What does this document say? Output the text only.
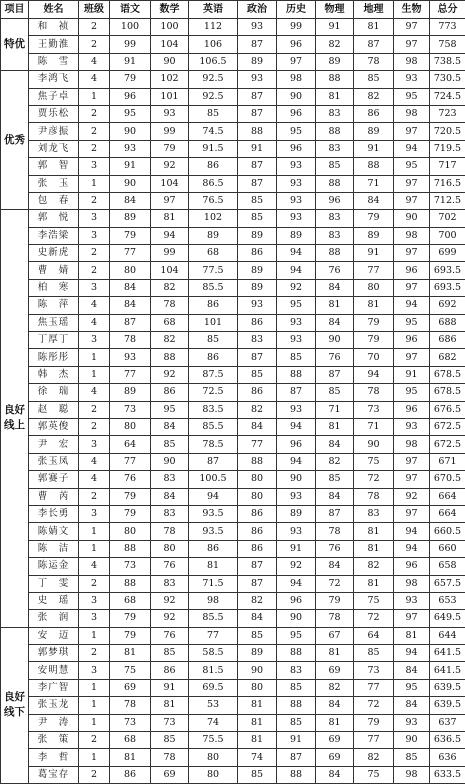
项目	姓名	班级	语文	数学	英语	政治	历史	物理	地理	生物	总分
特优	和　祯	2	100	100	112	93	99	91	81	97	773
	王勤淮	2	99	104	106	87	96	82	87	97	758
	陈　雪	4	91	90	106.5	89	97	89	78	98	738.5
优秀	李鸿飞	4	79	102	92.5	93	98	88	85	93	730.5
	焦子卓	1	96	101	92.5	87	90	81	82	95	724.5
	贾乐松	2	95	93	85	87	96	83	86	98	723
	尹彦振	2	90	99	74.5	88	95	88	89	97	720.5
	刘龙飞	2	93	79	91.5	91	96	83	91	94	719.5
	郭　智	3	91	92	86	87	93	85	88	95	717
	张　玉	1	90	104	86.5	87	93	88	71	97	716.5
	包　春	2	84	97	76.5	85	93	96	84	97	712.5
良好线上	郭　悦	3	89	81	102	85	93	83	79	90	702
	李浩梁	3	79	94	89	89	89	83	89	98	700
	史新虎	2	77	99	68	86	94	88	91	97	699
	曹　婧	2	80	104	77.5	89	94	76	77	96	693.5
	柏　寒	3	84	82	85.5	89	92	84	80	97	693.5
	陈　萍	4	84	78	86	93	95	81	81	94	692
	焦玉瑶	4	87	68	101	86	93	84	79	95	688
	丁厚丁	3	78	82	85	83	93	90	79	96	686
	陈彤彤	1	93	88	86	87	85	76	70	97	682
	韩　杰	1	77	92	87.5	85	88	87	94	91	678.5
	徐　瑞	4	89	86	72.5	86	87	85	78	95	678.5
	赵　聪	2	73	95	83.5	82	93	71	73	96	676.5
	郭英俊	2	80	84	85.5	84	94	81	71	93	672.5
	尹　宏	3	64	85	78.5	77	96	84	90	98	672.5
	张玉凤	4	77	90	87	88	94	82	75	97	671
	郭赛子	4	76	83	100.5	80	90	85	72	97	670.5
	曹　芮	2	79	84	94	80	93	84	78	92	664
	李长勇	3	79	83	93.5	86	89	87	83	97	664
	陈婧文	1	80	78	93.5	86	93	78	81	94	660.5
	陈　洁	1	88	80	86	86	91	76	81	94	660
	陈运金	4	73	76	81	87	92	84	82	96	658
	丁　雯	2	88	83	71.5	87	94	72	81	98	657.5
	史　瑶	3	68	92	98	82	96	79	75	93	653
	张　润	3	79	92	85.5	84	90	78	72	97	649.5
良好线下	安　迈	1	79	76	77	85	95	67	64	81	644
	郭梦琪	2	81	85	58.5	89	88	81	85	94	641.5
	安明慧	3	75	86	81.5	90	83	69	73	84	641.5
	李广智	1	69	91	69.5	80	85	82	77	95	639.5
	张玉龙	1	78	81	53	81	88	84	72	84	639.5
	尹　涛	1	73	73	74	81	85	81	79	93	637
	张　策	2	68	85	75.5	81	91	69	77	90	636.5
	李　哲	1	81	78	80	74	87	69	82	85	636
	葛宝存	2	86	69	80	85	88	84	75	98	633.5
